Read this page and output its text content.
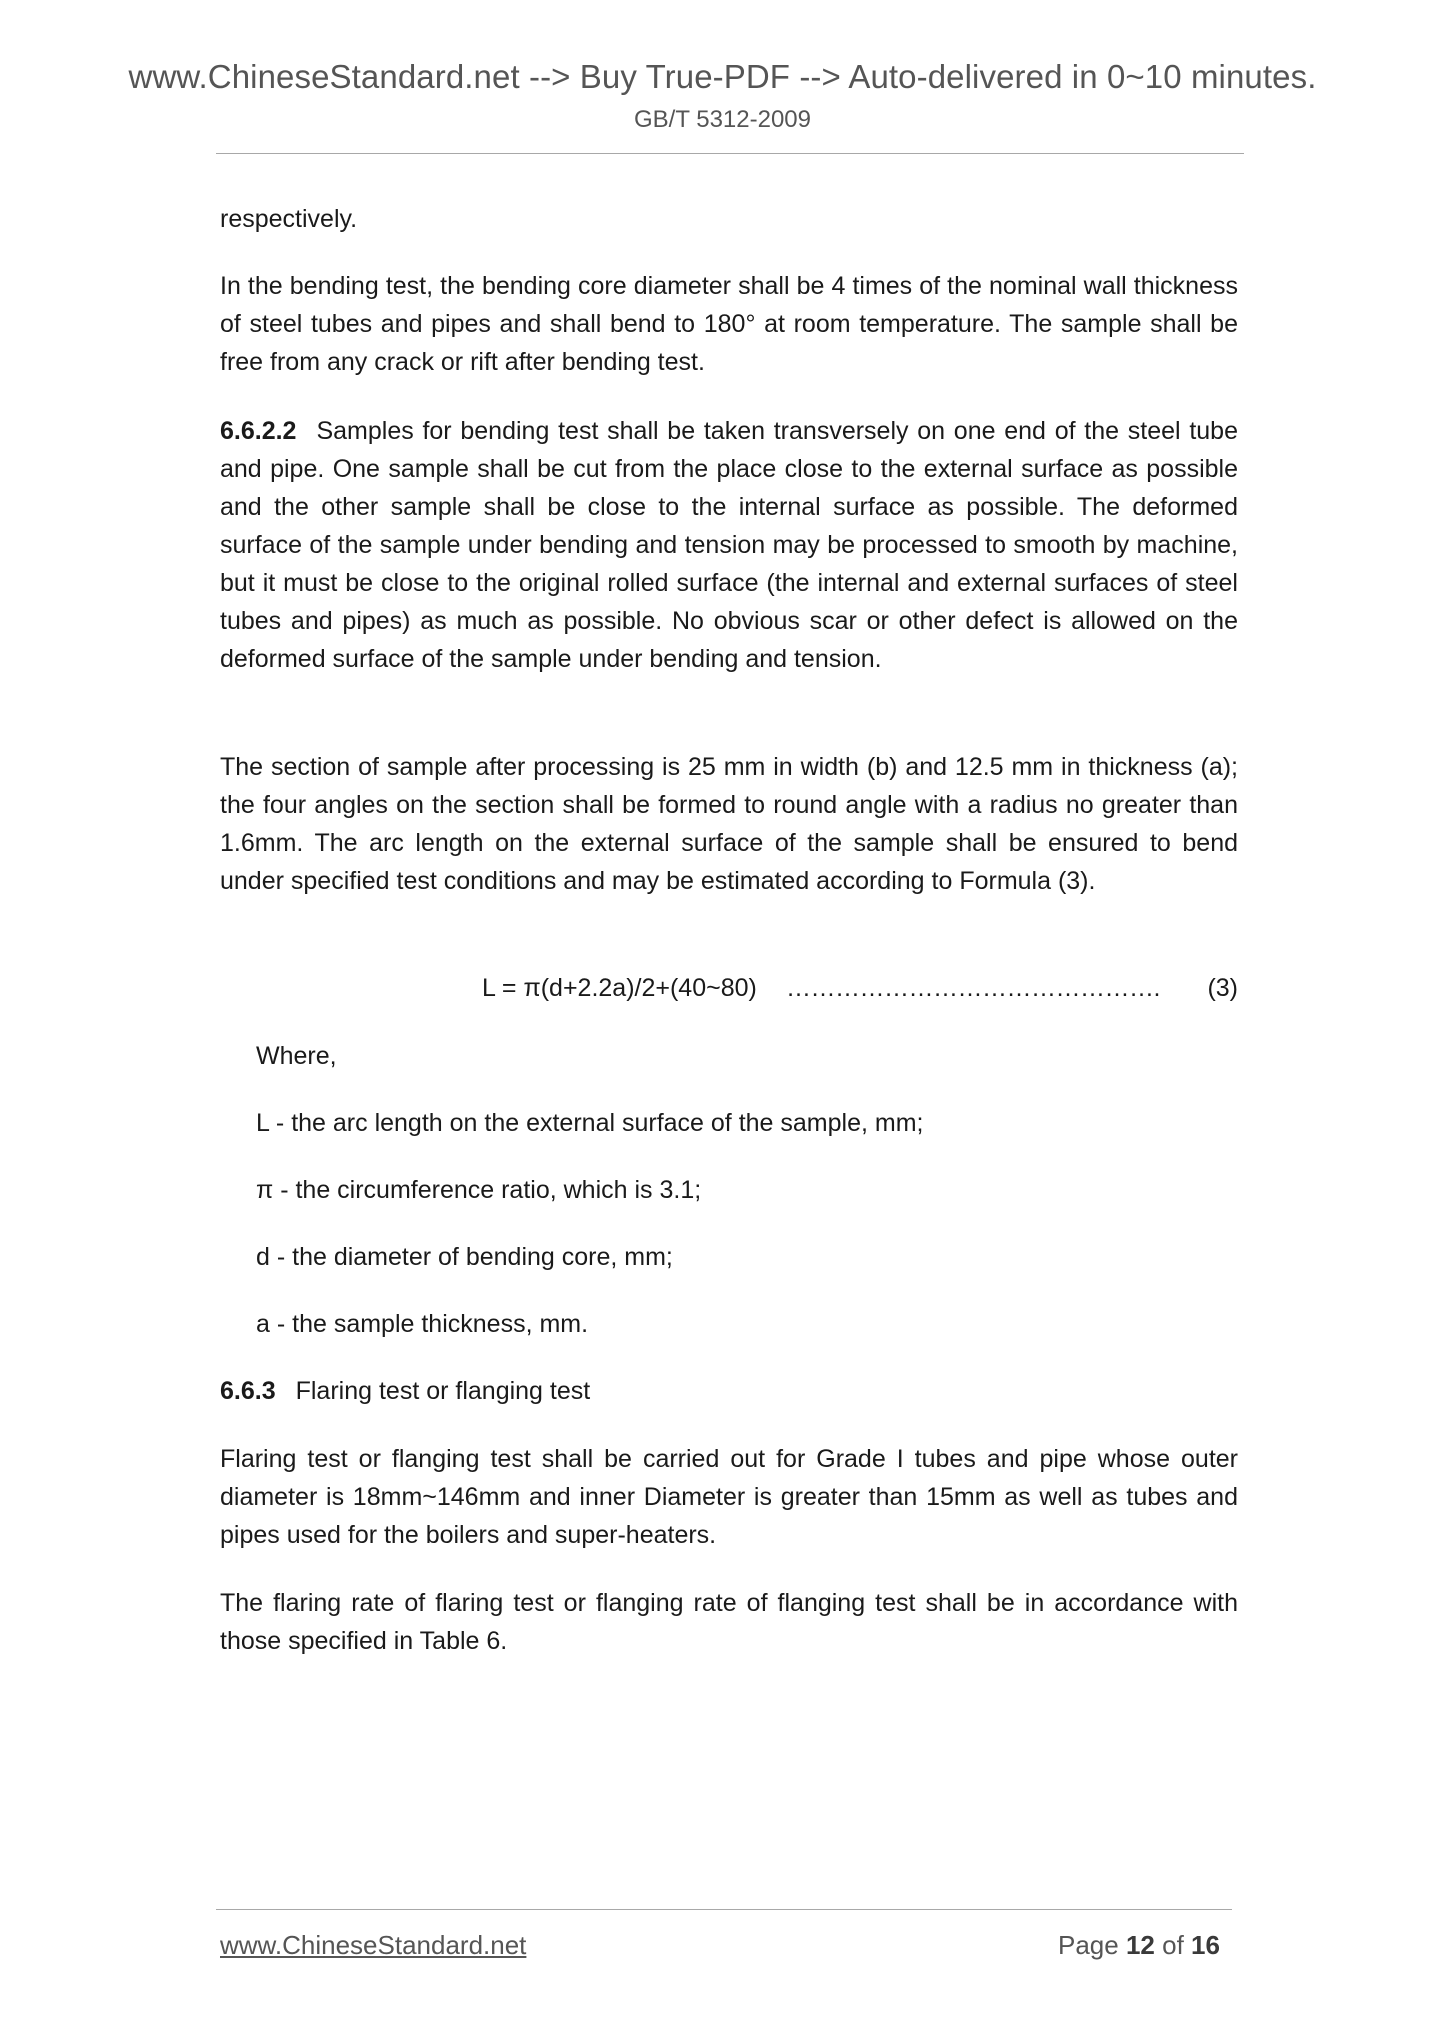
www.ChineseStandard.net --> Buy True-PDF --> Auto-delivered in 0~10 minutes.
GB/T 5312-2009

respectively.

In the bending test, the bending core diameter shall be 4 times of the nominal wall thickness of steel tubes and pipes and shall bend to 180° at room temperature. The sample shall be free from any crack or rift after bending test.

6.6.2.2 Samples for bending test shall be taken transversely on one end of the steel tube and pipe. One sample shall be cut from the place close to the external surface as possible and the other sample shall be close to the internal surface as possible. The deformed surface of the sample under bending and tension may be processed to smooth by machine, but it must be close to the original rolled surface (the internal and external surfaces of steel tubes and pipes) as much as possible. No obvious scar or other defect is allowed on the deformed surface of the sample under bending and tension.

The section of sample after processing is 25 mm in width (b) and 12.5 mm in thickness (a); the four angles on the section shall be formed to round angle with a radius no greater than 1.6mm. The arc length on the external surface of the sample shall be ensured to bend under specified test conditions and may be estimated according to Formula (3).

L = π(d+2.2a)/2+(40~80) ………………………………………. (3)

Where,

L - the arc length on the external surface of the sample, mm;

π - the circumference ratio, which is 3.1;

d - the diameter of bending core, mm;

a - the sample thickness, mm.

6.6.3 Flaring test or flanging test

Flaring test or flanging test shall be carried out for Grade I tubes and pipe whose outer diameter is 18mm~146mm and inner Diameter is greater than 15mm as well as tubes and pipes used for the boilers and super-heaters.

The flaring rate of flaring test or flanging rate of flanging test shall be in accordance with those specified in Table 6.

www.ChineseStandard.net	Page 12 of 16
